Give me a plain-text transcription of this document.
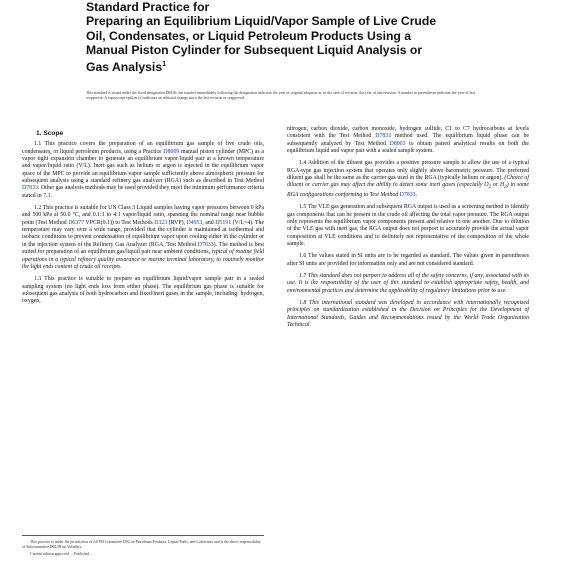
Standard Practice for
Preparing an Equilibrium Liquid/Vapor Sample of Live Crude
Oil, Condensates, or Liquid Petroleum Products Using a
Manual Piston Cylinder for Subsequent Liquid Analysis or
Gas Analysis$^1$
This standard is issued under the fixed designation D8436; the number immediately following the designation indicates the year of original adoption or, in the case of revision, the year of last revision. A number in parentheses indicates the year of last reapproval. A superscript epsilon (ε) indicates an editorial change since the last revision or reapproval.
1. Scope

1.1 This practice covers the preparation of an equilibrium gas sample of live crude oils, condensates, or liquid petroleum products, using a Practice D8009 manual piston cylinder (MPC) as a vapor tight expansion chamber to generate an equilibrium vapor/liquid pair at a known temperature and vapor/liquid ratio (V/L). Inert gas such as helium or argon is injected in the equilibrium vapor space of the MPC to provide an equilibrium vapor sample sufficiently above atmospheric pressure for subsequent analysis using a standard refinery gas analyzer (RGA) such as described in Test Method D7833. Other gas analysis methods may be used provided they meet the minimum performance criteria stated in 7.3.

1.2 This practice is suitable for UN Class 3 Liquid samples having vapor pressures between 0 kPa and 500 kPa at 50.0 °C, and 0.1:1 to 4:1 vapor/liquid ratio, spanning the nominal range near bubble point (Test Method D6377 VPCR(0.1)) to Test Methods D323 (RVP), D4953, and D5191 (V/L=4). The temperature may vary over a wide range, provided that the cylinder is maintained at isothermal and isobaric conditions to prevent condensation of equilibrium vapor upon cooling either in the cylinder or in the injection system of the Refinery Gas Analyzer (RGA, Test Method D7833). The method is best suited for preparation of an equilibrium gas/liquid pair near ambient conditions, typical of routine field operations in a typical refinery quality assurance or marine terminal laboratory, to routinely monitor the light ends content of crude oil receipts.

1.3 This practice is suitable to prepare an equilibrium liquid/vapor sample pair in a sealed sampling system (no light ends loss from either phase). The equilibrium gas phase is suitable for subsequent gas analysis of both hydrocarbon and fixed/inert gases in the sample, including: hydrogen, oxygen,

nitrogen, carbon dioxide, carbon monoxide, hydrogen sulfide, C1 to C7 hydrocarbons at levels consistent with the Test Method D7833 method used. The equilibrium liquid phase can be subsequently analyzed by Test Method D8003 to obtain paired analytical results on both the equilibrium liquid and vapor pair with a sealed sample system.

1.4 Addition of the diluent gas provides a positive pressure sample to allow the use of a typical RGA-type gas injection system that operates only slightly above barometric pressure. The preferred diluent gas shall be the same as the carrier gas used in the RGA (typically helium or argon). (Choice of diluent or carrier gas may affect the ability to detect some inert gases (especially $O_2$ or $H_2$) in some RGA configurations conforming to Test Method D7833.

1.5 The VLE gas generation and subsequent RGA output is used as a screening method to identify gas components that can be present in the crude oil affecting the total vapor pressure. The RGA output only represents the equilibrium vapor components present and relative to one another. Due to dilution of the VLE gas with inert gas, the RGA output does not purport to accurately provide the actual vapor composition at VLE conditions and to definitely not representative of the composition of the whole sample.

1.6 The values stated in SI units are to be regarded as standard. The values given in parentheses after SI units are provided for information only and are not considered standard.

1.7 This standard does not purport to address all of the safety concerns, if any, associated with its use. It is the responsibility of the user of this standard to establish appropriate safety, health, and environmental practices and determine the applicability of regulatory limitations prior to use.

1.8 This international standard was developed in accordance with internationally recognized principles on standardization established in the Decision on Principles for the Development of International Standards, Guides and Recommendations issued by the World Trade Organization Technical

This practice is under the jurisdiction of ASTM Committee D02 on Petroleum Products, Liquid Fuels, and Lubricants and is the direct responsibility of Subcommittee D02.08 on Volatility.

Current edition approved ... Published ...
